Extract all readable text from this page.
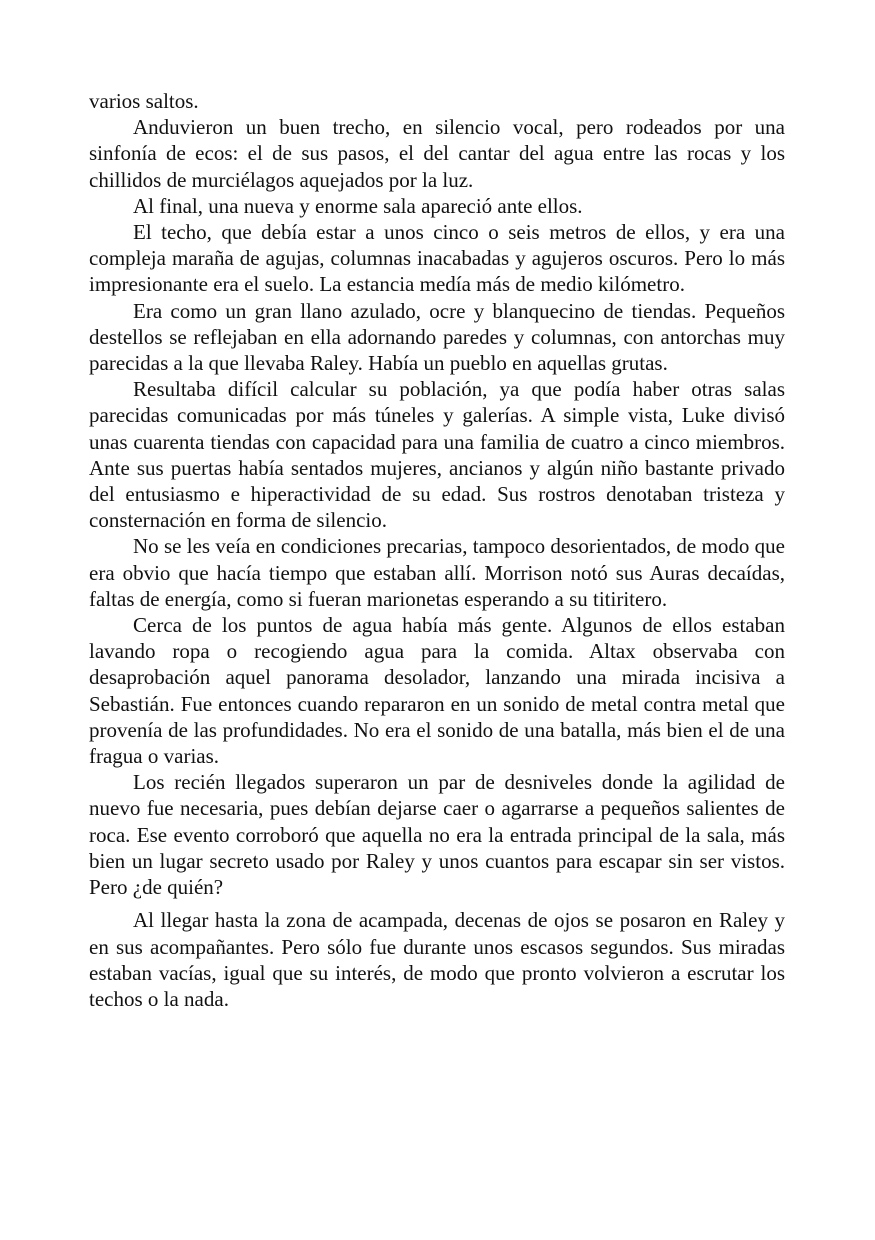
varios saltos.

Anduvieron un buen trecho, en silencio vocal, pero rodeados por una sinfonía de ecos: el de sus pasos, el del cantar del agua entre las rocas y los chillidos de murciélagos aquejados por la luz.

Al final, una nueva y enorme sala apareció ante ellos.

El techo, que debía estar a unos cinco o seis metros de ellos, y era una compleja maraña de agujas, columnas inacabadas y agujeros oscuros. Pero lo más impresionante era el suelo. La estancia medía más de medio kilómetro.

Era como un gran llano azulado, ocre y blanquecino de tiendas. Pequeños destellos se reflejaban en ella adornando paredes y columnas, con antorchas muy parecidas a la que llevaba Raley. Había un pueblo en aquellas grutas.

Resultaba difícil calcular su población, ya que podía haber otras salas parecidas comunicadas por más túneles y galerías. A simple vista, Luke divisó unas cuarenta tiendas con capacidad para una familia de cuatro a cinco miembros. Ante sus puertas había sentados mujeres, ancianos y algún niño bastante privado del entusiasmo e hiperactividad de su edad. Sus rostros denotaban tristeza y consternación en forma de silencio.

No se les veía en condiciones precarias, tampoco desorientados, de modo que era obvio que hacía tiempo que estaban allí. Morrison notó sus Auras decaídas, faltas de energía, como si fueran marionetas esperando a su titiritero.

Cerca de los puntos de agua había más gente. Algunos de ellos estaban lavando ropa o recogiendo agua para la comida. Altax observaba con desaprobación aquel panorama desolador, lanzando una mirada incisiva a Sebastián. Fue entonces cuando repararon en un sonido de metal contra metal que provenía de las profundidades. No era el sonido de una batalla, más bien el de una fragua o varias.

Los recién llegados superaron un par de desniveles donde la agilidad de nuevo fue necesaria, pues debían dejarse caer o agarrarse a pequeños salientes de roca. Ese evento corroboró que aquella no era la entrada principal de la sala, más bien un lugar secreto usado por Raley y unos cuantos para escapar sin ser vistos. Pero ¿de quién?

Al llegar hasta la zona de acampada, decenas de ojos se posaron en Raley y en sus acompañantes. Pero sólo fue durante unos escasos segundos. Sus miradas estaban vacías, igual que su interés, de modo que pronto volvieron a escrutar los techos o la nada.
